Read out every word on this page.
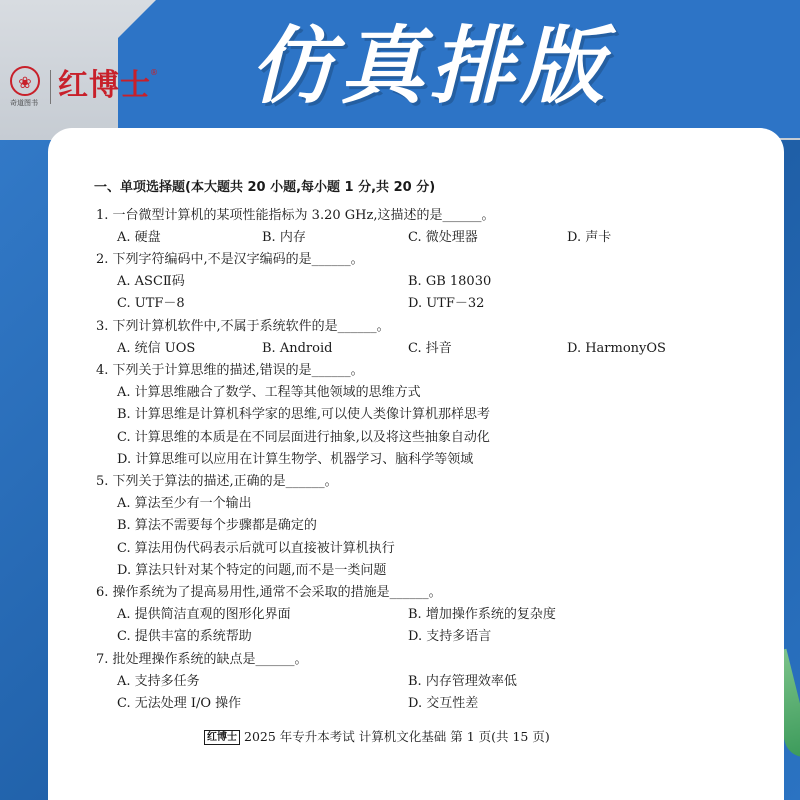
仿真排版
❀
奇道图书 红博士 ®
一、单项选择题(本大题共 20 小题,每小题 1 分,共 20 分)
1. 一台微型计算机的某项性能指标为 3.20 GHz,这描述的是______。
A. 硬盘	B. 内存	C. 微处理器	D. 声卡
2. 下列字符编码中,不是汉字编码的是______。
A. ASCⅡ码	B. GB 18030
C. UTF－8	D. UTF－32
3. 下列计算机软件中,不属于系统软件的是______。
A. 统信 UOS	B. Android	C. 抖音	D. HarmonyOS
4. 下列关于计算思维的描述,错误的是______。
A. 计算思维融合了数学、工程等其他领域的思维方式
B. 计算思维是计算机科学家的思维,可以使人类像计算机那样思考
C. 计算思维的本质是在不同层面进行抽象,以及将这些抽象自动化
D. 计算思维可以应用在计算生物学、机器学习、脑科学等领域
5. 下列关于算法的描述,正确的是______。
A. 算法至少有一个输出
B. 算法不需要每个步骤都是确定的
C. 算法用伪代码表示后就可以直接被计算机执行
D. 算法只针对某个特定的问题,而不是一类问题
6. 操作系统为了提高易用性,通常不会采取的措施是______。
A. 提供简洁直观的图形化界面	B. 增加操作系统的复杂度
C. 提供丰富的系统帮助	D. 支持多语言
7. 批处理操作系统的缺点是______。
A. 支持多任务	B. 内存管理效率低
C. 无法处理 I/O 操作	D. 交互性差
红博士 2025 年专升本考试 计算机文化基础 第 1 页(共 15 页)
